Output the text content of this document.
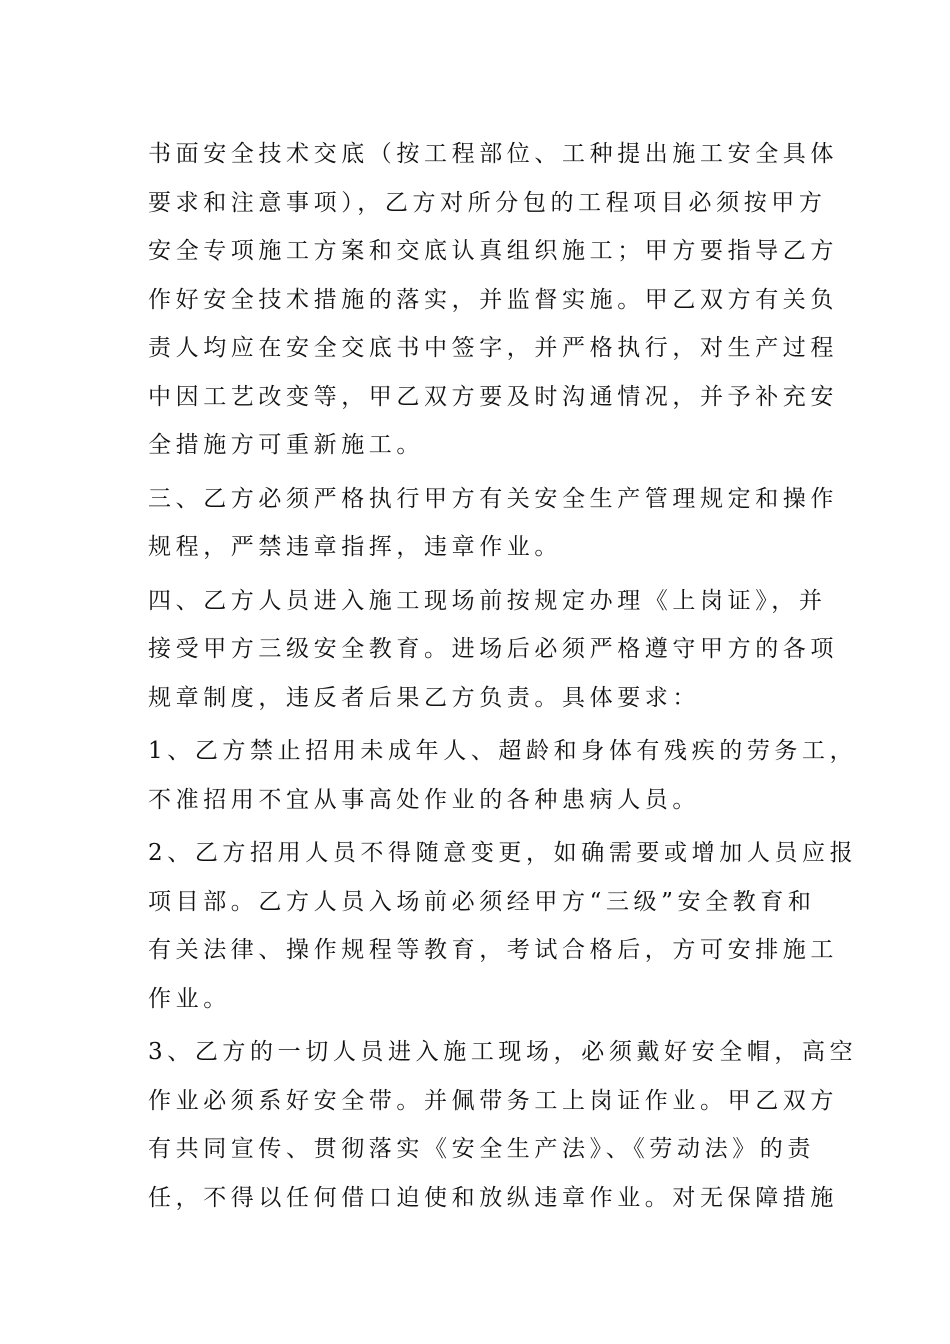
书面安全技术交底（按工程部位、工种提出施工安全具体
要求和注意事项），乙方对所分包的工程项目必须按甲方
安全专项施工方案和交底认真组织施工；甲方要指导乙方
作好安全技术措施的落实，并监督实施。甲乙双方有关负
责人均应在安全交底书中签字，并严格执行，对生产过程
中因工艺改变等，甲乙双方要及时沟通情况，并予补充安
全措施方可重新施工。

三、乙方必须严格执行甲方有关安全生产管理规定和操作
规程，严禁违章指挥，违章作业。

四、乙方人员进入施工现场前按规定办理《上岗证》，并
接受甲方三级安全教育。进场后必须严格遵守甲方的各项
规章制度，违反者后果乙方负责。具体要求：

1、乙方禁止招用未成年人、超龄和身体有残疾的劳务工，
不准招用不宜从事高处作业的各种患病人员。

2、乙方招用人员不得随意变更，如确需要或增加人员应报
项目部。乙方人员入场前必须经甲方“三级”安全教育和
有关法律、操作规程等教育，考试合格后，方可安排施工
作业。

3、乙方的一切人员进入施工现场，必须戴好安全帽，高空
作业必须系好安全带。并佩带务工上岗证作业。甲乙双方
有共同宣传、贯彻落实《安全生产法》、《劳动法》的责
任，不得以任何借口迫使和放纵违章作业。对无保障措施
